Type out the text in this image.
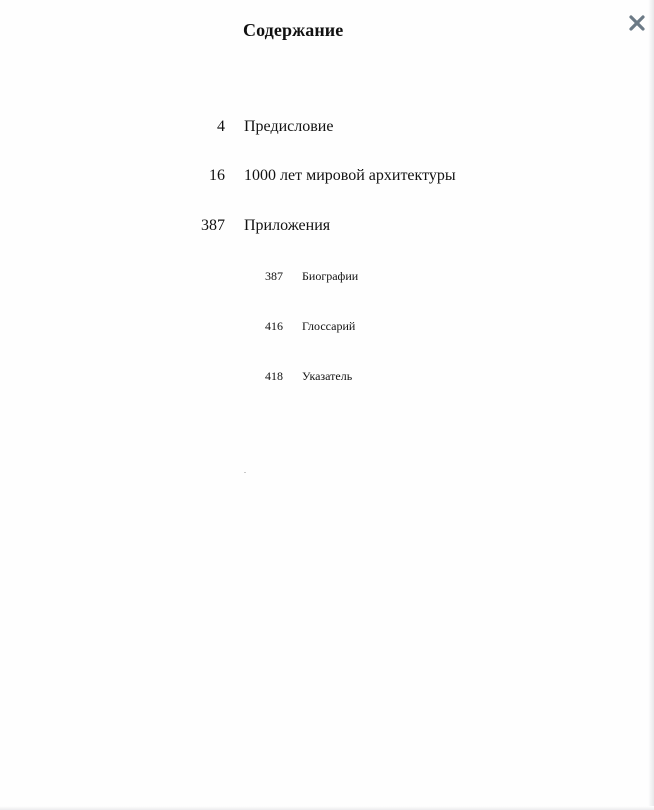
Содержание
4 Предисловие
16 1000 лет мировой архитектуры
387 Приложения
387 Биографии
416 Глоссарий
418 Указатель
